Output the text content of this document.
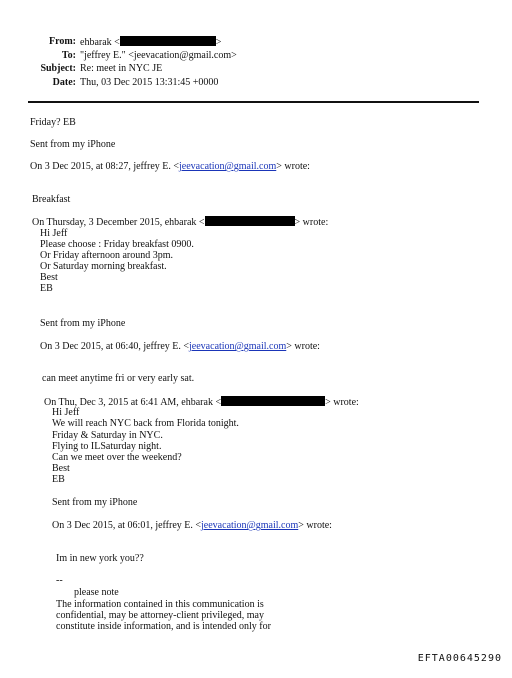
From: ehbarak <	>
To: "jeffrey E." <jeevacation@gmail.com>
Subject: Re: meet in NYC JE
Date: Thu, 03 Dec 2015 13:31:45 +0000
Friday? EB
Sent from my iPhone
On 3 Dec 2015, at 08:27, jeffrey E. <jeevacation@gmail.com> wrote:
Breakfast
On Thursday, 3 December 2015, ehbarak <	> wrote:
Hi Jeff
Please choose : Friday breakfast 0900.
Or Friday afternoon around 3pm.
Or Saturday morning breakfast.
Best
EB
Sent from my iPhone
On 3 Dec 2015, at 06:40, jeffrey E. <jeevacation@gmail.com> wrote:
can meet anytime fri or very early sat.
On Thu, Dec 3, 2015 at 6:41 AM, ehbarak <	> wrote:
Hi Jeff
We will reach NYC back from Florida tonight.
Friday & Saturday in NYC.
Flying to ILSaturday night.
Can we meet over the weekend?
Best
EB
Sent from my iPhone
On 3 Dec 2015, at 06:01, jeffrey E. <jeevacation@gmail.com> wrote:
Im in new york you??
--
please note
The information contained in this communication is
confidential, may be attorney-client privileged, may
constitute inside information, and is intended only for
EFTA00645290
